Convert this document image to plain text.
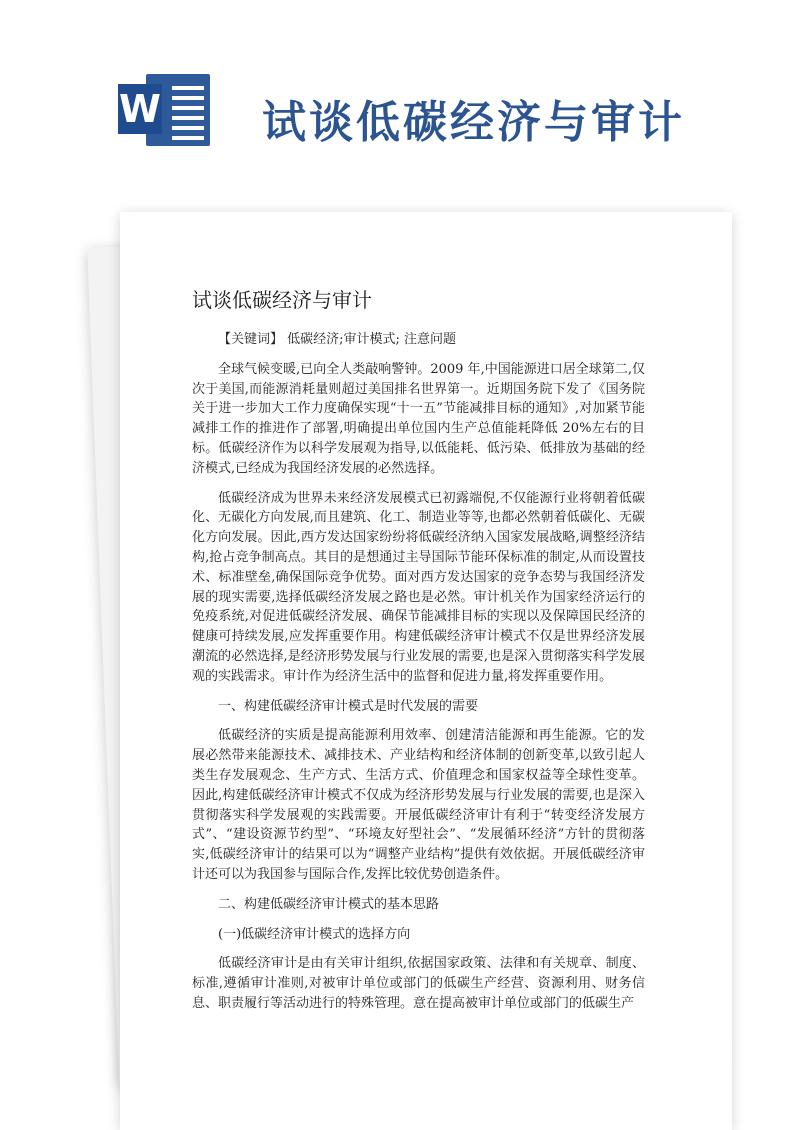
W 试谈低碳经济与审计
试谈低碳经济与审计

【关键词】 低碳经济;审计模式; 注意问题

全球气候变暖,已向全人类敲响警钟。2009 年,中国能源进口居全球第二,仅次于美国,而能源消耗量则超过美国排名世界第一。近期国务院下发了《国务院关于进一步加大工作力度确保实现“十一五”节能减排目标的通知》,对加紧节能减排工作的推进作了部署,明确提出单位国内生产总值能耗降低 20%左右的目标。低碳经济作为以科学发展观为指导,以低能耗、低污染、低排放为基础的经济模式,已经成为我国经济发展的必然选择。

低碳经济成为世界未来经济发展模式已初露端倪,不仅能源行业将朝着低碳化、无碳化方向发展,而且建筑、化工、制造业等等,也都必然朝着低碳化、无碳化方向发展。因此,西方发达国家纷纷将低碳经济纳入国家发展战略,调整经济结构,抢占竞争制高点。其目的是想通过主导国际节能环保标准的制定,从而设置技术、标准壁垒,确保国际竞争优势。面对西方发达国家的竞争态势与我国经济发展的现实需要,选择低碳经济发展之路也是必然。审计机关作为国家经济运行的免疫系统,对促进低碳经济发展、确保节能减排目标的实现以及保障国民经济的健康可持续发展,应发挥重要作用。构建低碳经济审计模式不仅是世界经济发展潮流的必然选择,是经济形势发展与行业发展的需要,也是深入贯彻落实科学发展观的实践需求。审计作为经济生活中的监督和促进力量,将发挥重要作用。

一、构建低碳经济审计模式是时代发展的需要

低碳经济的实质是提高能源利用效率、创建清洁能源和再生能源。它的发展必然带来能源技术、减排技术、产业结构和经济体制的创新变革,以致引起人类生存发展观念、生产方式、生活方式、价值理念和国家权益等全球性变革。因此,构建低碳经济审计模式不仅成为经济形势发展与行业发展的需要,也是深入贯彻落实科学发展观的实践需要。开展低碳经济审计有利于“转变经济发展方式”、“建设资源节约型”、“环境友好型社会”、“发展循环经济”方针的贯彻落实,低碳经济审计的结果可以为“调整产业结构”提供有效依据。开展低碳经济审计还可以为我国参与国际合作,发挥比较优势创造条件。

二、构建低碳经济审计模式的基本思路

(一)低碳经济审计模式的选择方向

低碳经济审计是由有关审计组织,依据国家政策、法律和有关规章、制度、标准,遵循审计准则,对被审计单位或部门的低碳生产经营、资源利用、财务信息、职责履行等活动进行的特殊管理。意在提高被审计单位或部门的低碳生产
